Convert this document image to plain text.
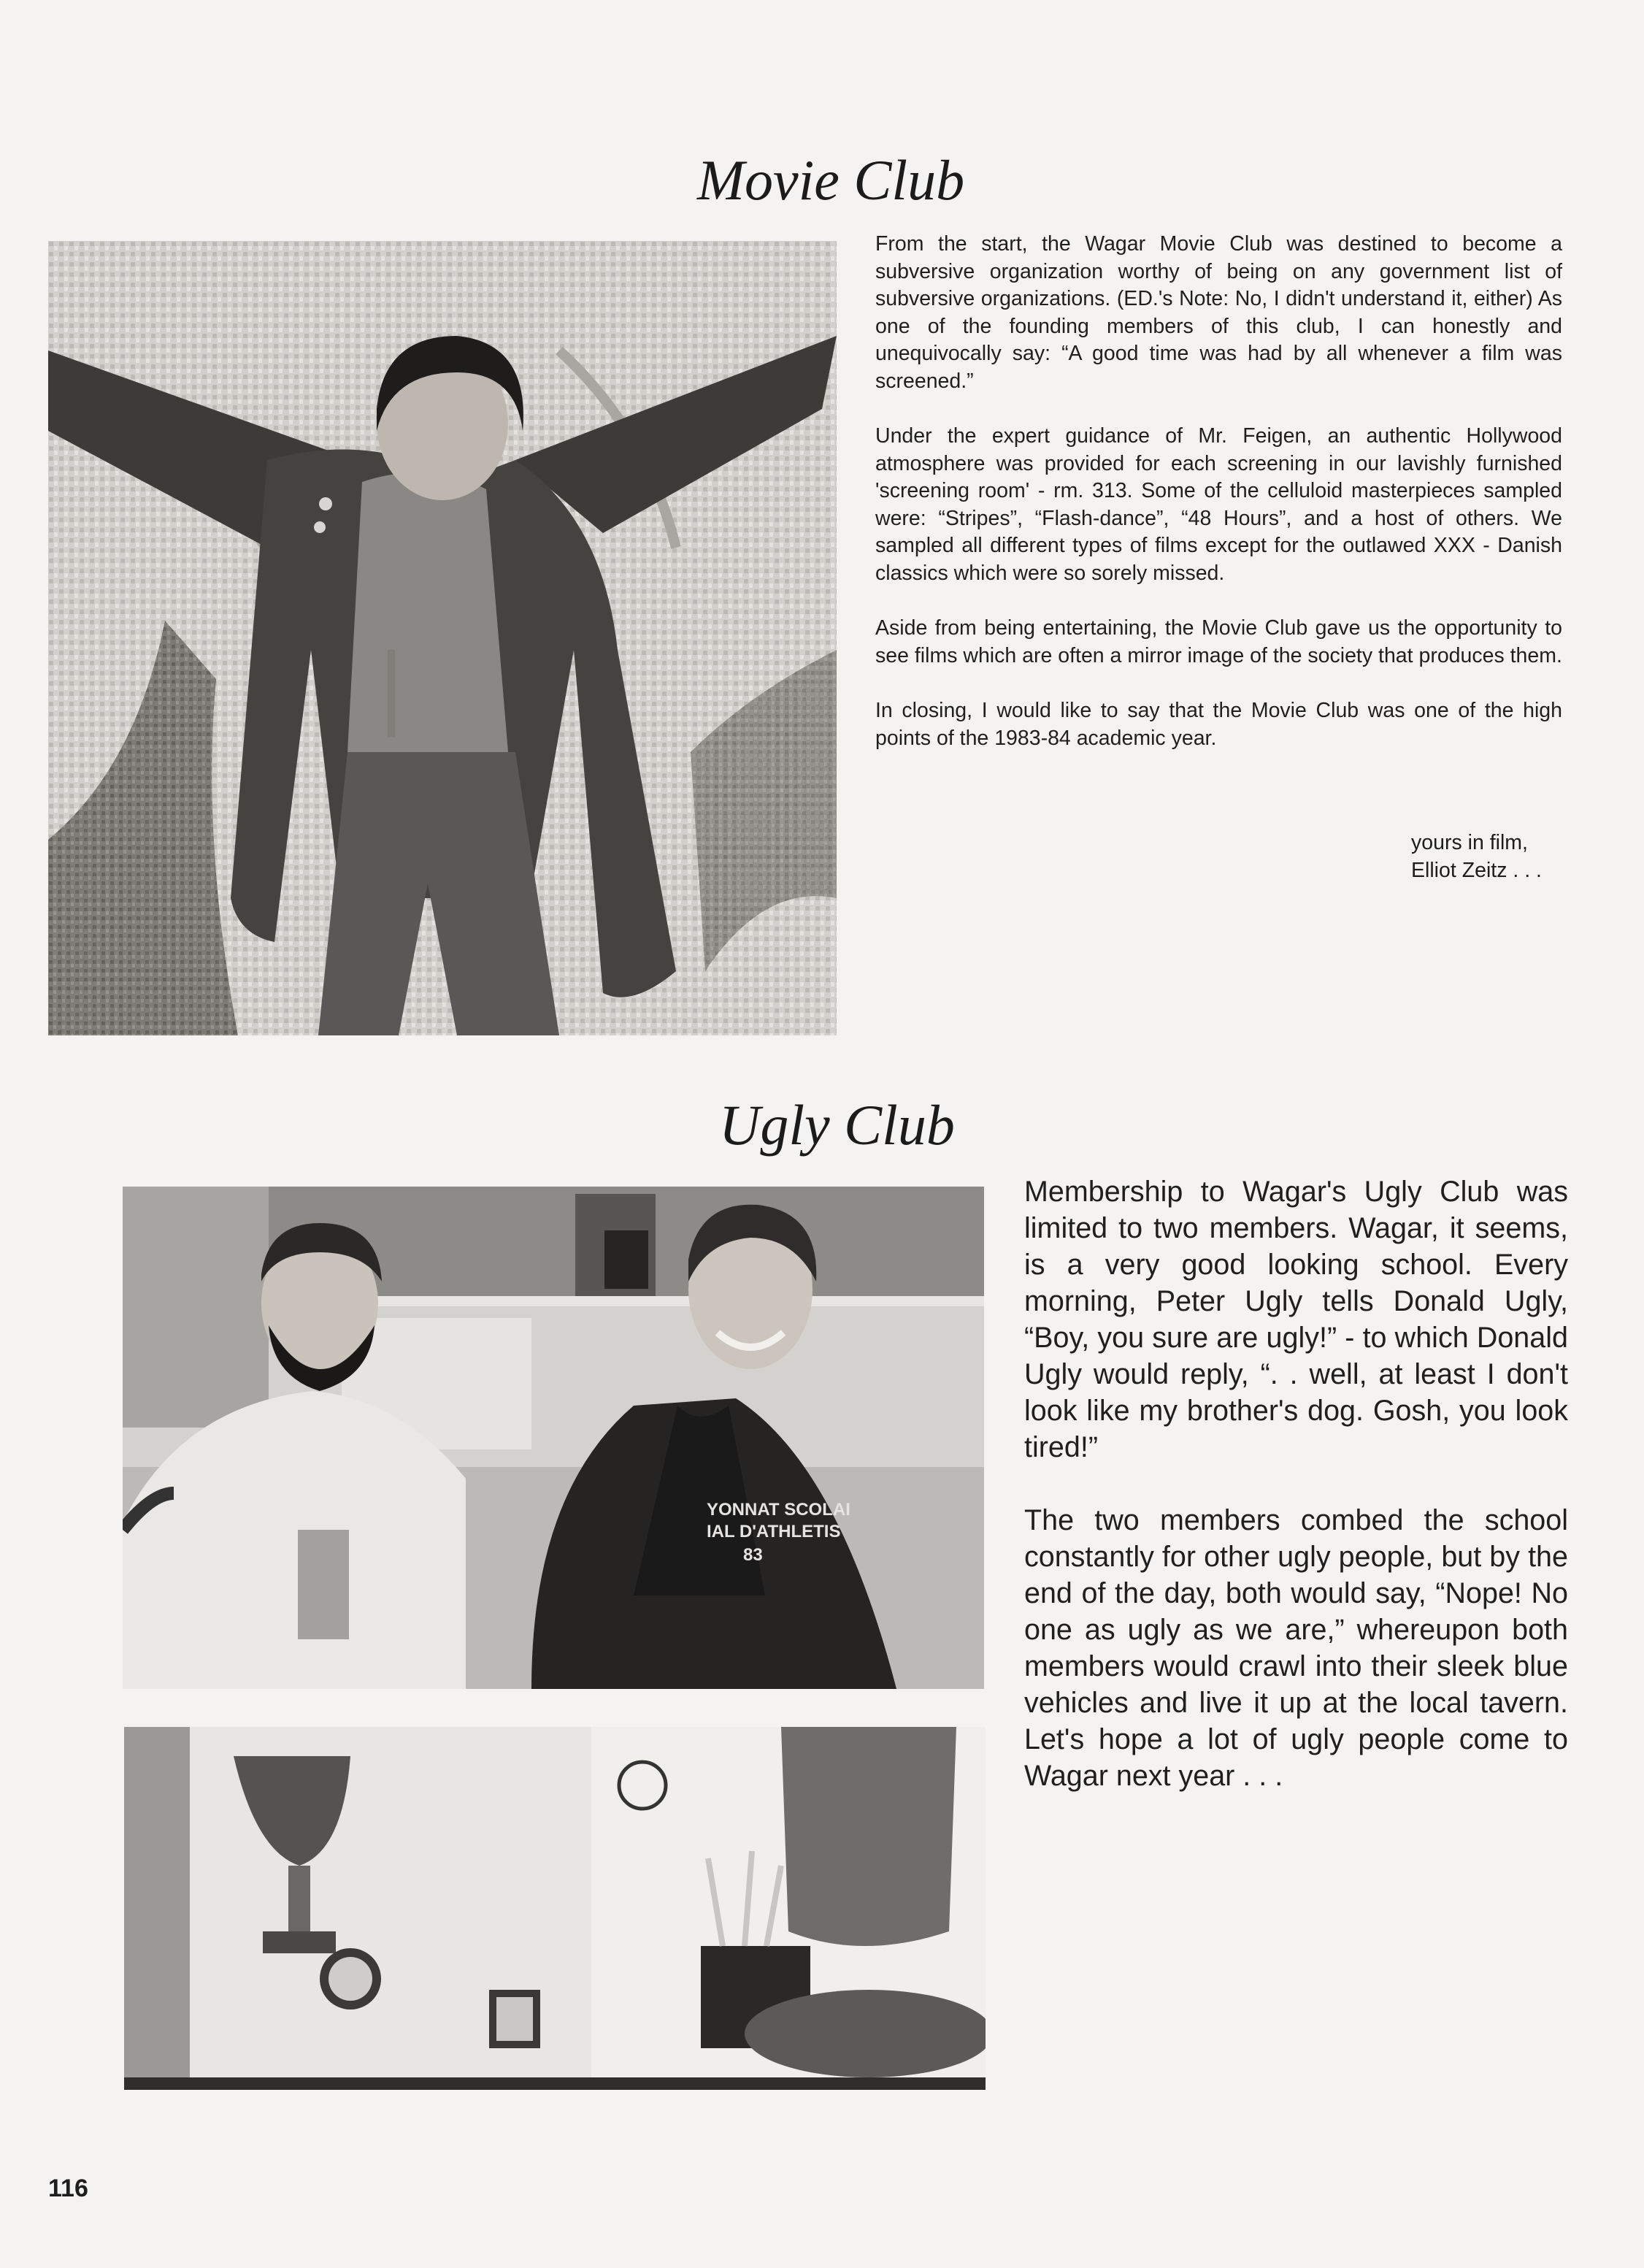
Movie Club

From the start, the Wagar Movie Club was destined to become a subversive organization worthy of being on any government list of subversive organizations. (ED.'s Note: No, I didn't understand it, either) As one of the founding members of this club, I can honestly and unequivocally say: “A good time was had by all whenever a film was screened.”

Under the expert guidance of Mr. Feigen, an authentic Hollywood atmosphere was provided for each screening in our lavishly furnished 'screening room' - rm. 313. Some of the celluloid masterpieces sampled were: “Stripes”, “Flash-dance”, “48 Hours”, and a host of others. We sampled all different types of films except for the outlawed XXX - Danish classics which were so sorely missed.

Aside from being entertaining, the Movie Club gave us the opportunity to see films which are often a mirror image of the society that produces them.

In closing, I would like to say that the Movie Club was one of the high points of the 1983-84 academic year.

yours in film,
Elliot Zeitz . . .
Ugly Club
YONNAT SCOLAI
IAL D'ATHLETIS
83

Membership to Wagar's Ugly Club was limited to two members. Wagar, it seems, is a very good looking school. Every morning, Peter Ugly tells Donald Ugly, “Boy, you sure are ugly!” - to which Donald Ugly would reply, “. . well, at least I don't look like my brother's dog. Gosh, you look tired!”

The two members combed the school constantly for other ugly people, but by the end of the day, both would say, “Nope! No one as ugly as we are,” whereupon both members would crawl into their sleek blue vehicles and live it up at the local tavern. Let's hope a lot of ugly people come to Wagar next year . . .

116
